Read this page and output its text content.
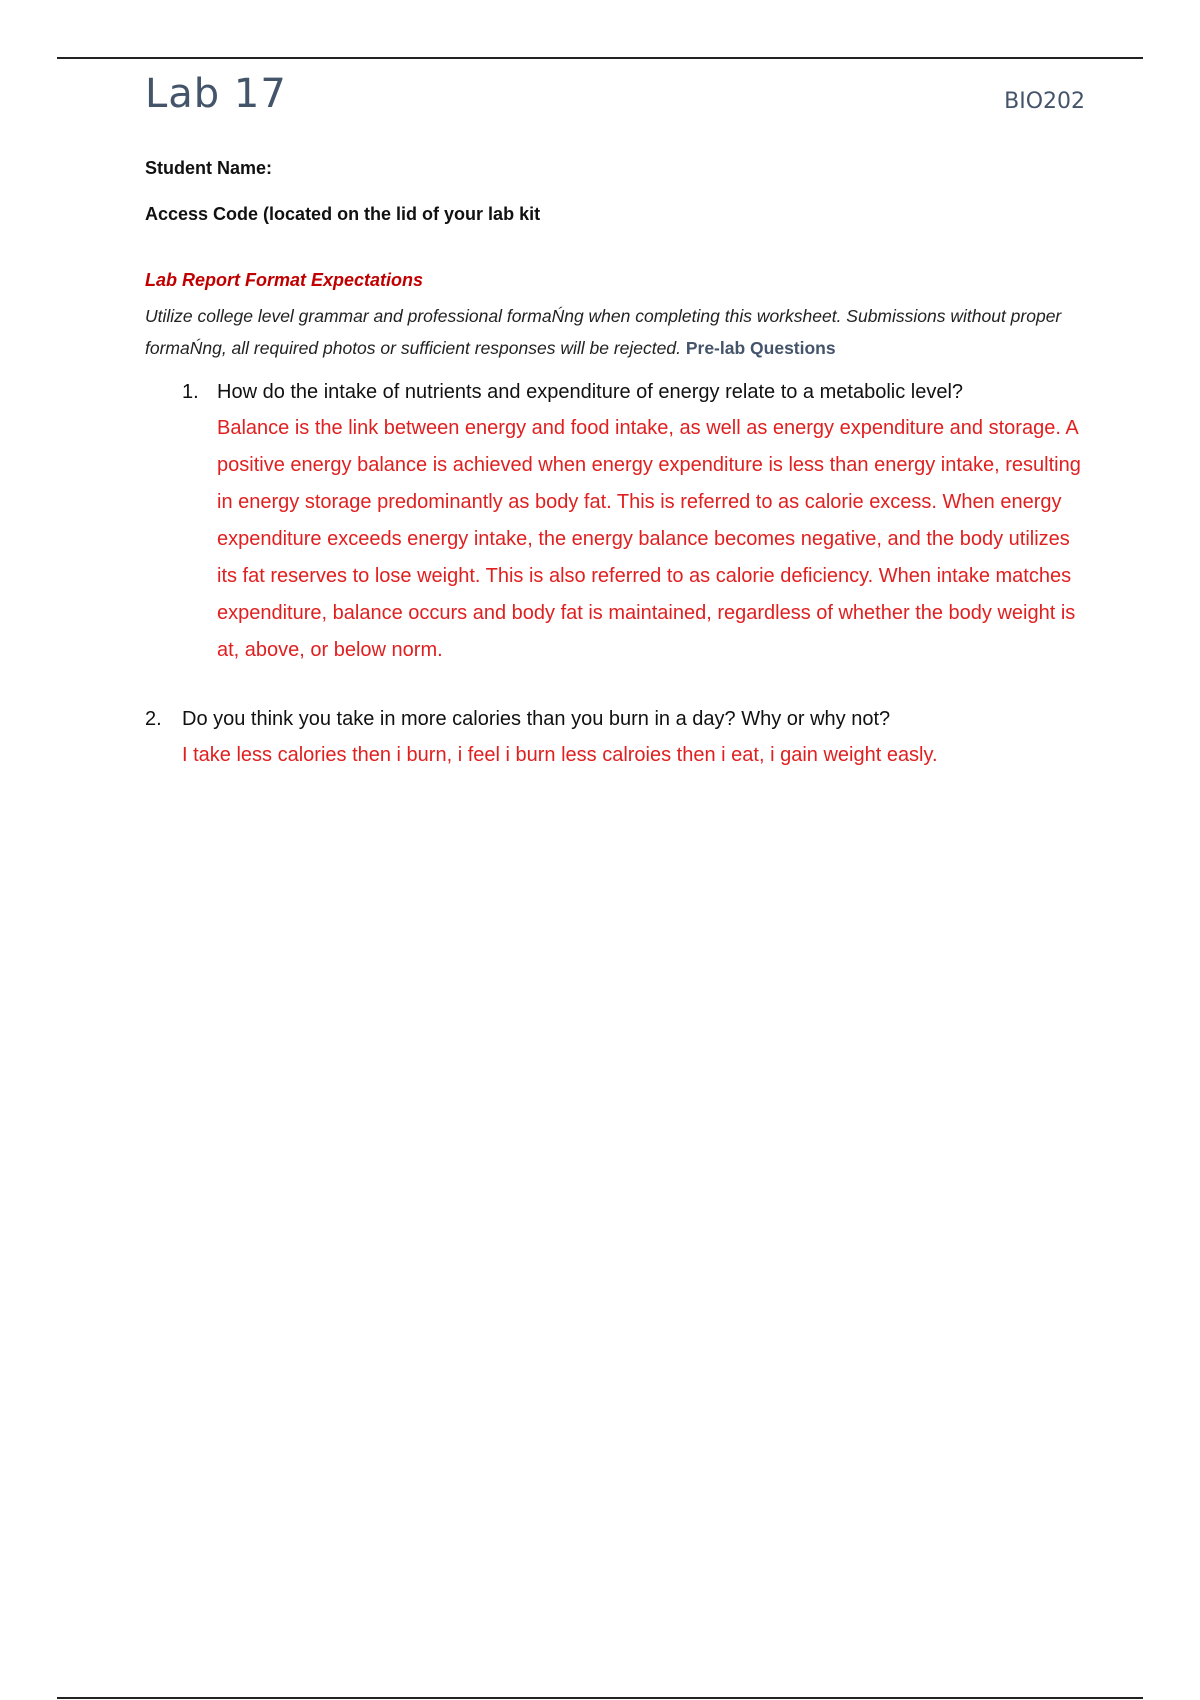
Lab 17	BIO202
Student Name:
Access Code (located on the lid of your lab kit
Lab Report Format Expectations
Utilize college level grammar and professional formaŃng when completing this worksheet. Submissions without proper formaŃng, all required photos or sufficient responses will be rejected. Pre-lab Questions
1. How do the intake of nutrients and expenditure of energy relate to a metabolic level?
Balance is the link between energy and food intake, as well as energy expenditure and storage. A positive energy balance is achieved when energy expenditure is less than energy intake, resulting in energy storage predominantly as body fat. This is referred to as calorie excess. When energy expenditure exceeds energy intake, the energy balance becomes negative, and the body utilizes its fat reserves to lose weight. This is also referred to as calorie deficiency. When intake matches expenditure, balance occurs and body fat is maintained, regardless of whether the body weight is at, above, or below norm.
2. Do you think you take in more calories than you burn in a day? Why or why not?
I take less calories then i burn, i feel i burn less calroies then i eat, i gain weight easly.
